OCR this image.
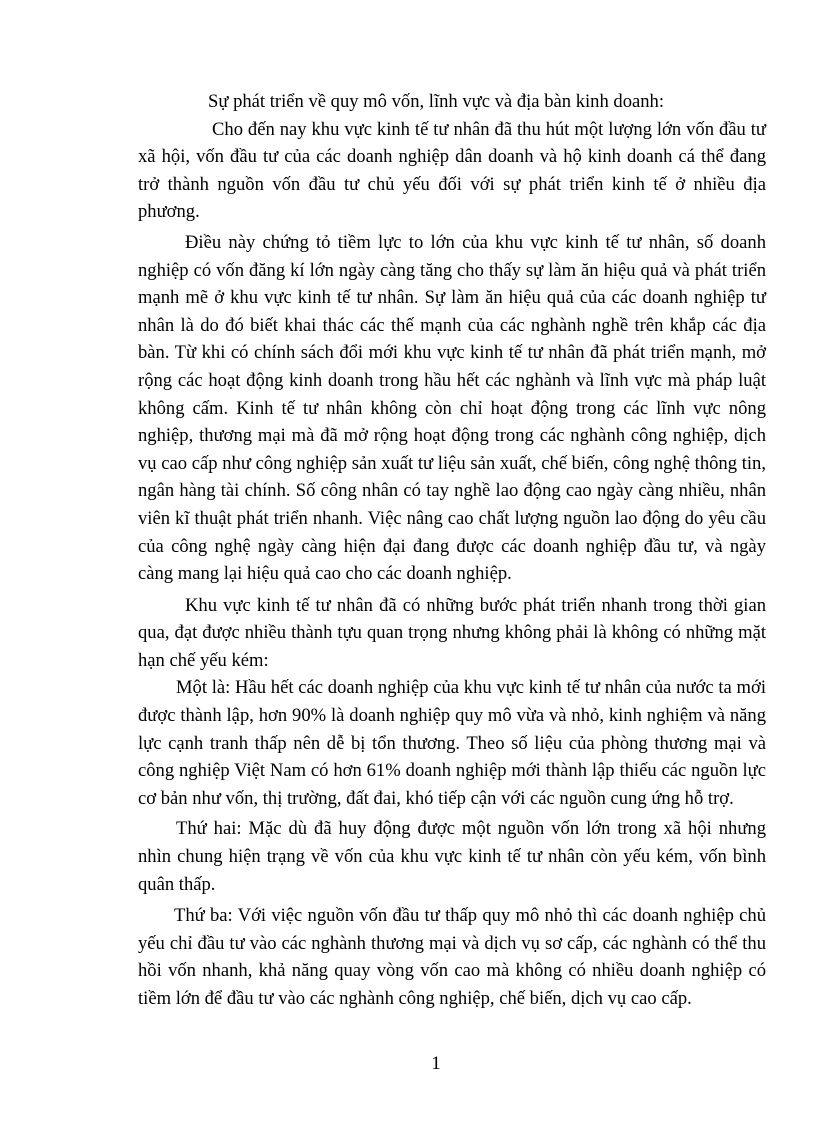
Sự phát triển về quy mô vốn, lĩnh vực và địa bàn kinh doanh:

Cho đến nay khu vực kinh tế tư nhân đã thu hút một lượng lớn vốn đầu tư xã hội, vốn đầu tư của các doanh nghiệp dân doanh và hộ kinh doanh cá thể đang trở thành nguồn vốn đầu tư chủ yếu đối với sự phát triển kinh tế ở nhiều địa phương.

Điều này chứng tỏ tiềm lực to lớn của khu vực kinh tế tư nhân, số doanh nghiệp có vốn đăng kí lớn ngày càng tăng cho thấy sự làm ăn hiệu quả và phát triển mạnh mẽ ở khu vực kinh tế tư nhân. Sự làm ăn hiệu quả của các doanh nghiệp tư nhân là do đó biết khai thác các thế mạnh của các nghành nghề trên khắp các địa bàn. Từ khi có chính sách đổi mới khu vực kinh tế tư nhân đã phát triển mạnh, mở rộng các hoạt động kinh doanh trong hầu hết các nghành và lĩnh vực mà pháp luật không cấm. Kinh tế tư nhân không còn chỉ hoạt động trong các lĩnh vực nông nghiệp, thương mại mà đã mở rộng hoạt động trong các nghành công nghiệp, dịch vụ cao cấp như công nghiệp sản xuất tư liệu sản xuất, chế biến, công nghệ thông tin, ngân hàng tài chính. Số công nhân có tay nghề lao động cao ngày càng nhiều, nhân viên kĩ thuật phát triển nhanh. Việc nâng cao chất lượng nguồn lao động do yêu cầu của công nghệ ngày càng hiện đại đang được các doanh nghiệp đầu tư, và ngày càng mang lại hiệu quả cao cho các doanh nghiệp.

Khu vực kinh tế tư nhân đã có những bước phát triển nhanh trong thời gian qua, đạt được nhiều thành tựu quan trọng nhưng không phải là không có những mặt hạn chế yếu kém:

Một là: Hầu hết các doanh nghiệp của khu vực kinh tế tư nhân của nước ta mới được thành lập, hơn 90% là doanh nghiệp quy mô vừa và nhỏ, kinh nghiệm và năng lực cạnh tranh thấp nên dễ bị tổn thương. Theo số liệu của phòng thương mại và công nghiệp Việt Nam có hơn 61% doanh nghiệp mới thành lập thiếu các nguồn lực cơ bản như vốn, thị trường, đất đai, khó tiếp cận với các nguồn cung ứng hỗ trợ.

Thứ hai: Mặc dù đã huy động được một nguồn vốn lớn trong xã hội nhưng nhìn chung hiện trạng về vốn của khu vực kinh tế tư nhân còn yếu kém, vốn bình quân thấp.

Thứ ba: Với việc nguồn vốn đầu tư thấp quy mô nhỏ thì các doanh nghiệp chủ yếu chỉ đầu tư vào các nghành thương mại và dịch vụ sơ cấp, các nghành có thể thu hồi vốn nhanh, khả năng quay vòng vốn cao mà không có nhiều doanh nghiệp có tiềm lớn để đầu tư vào các nghành công nghiệp, chế biến, dịch vụ cao cấp.

1
